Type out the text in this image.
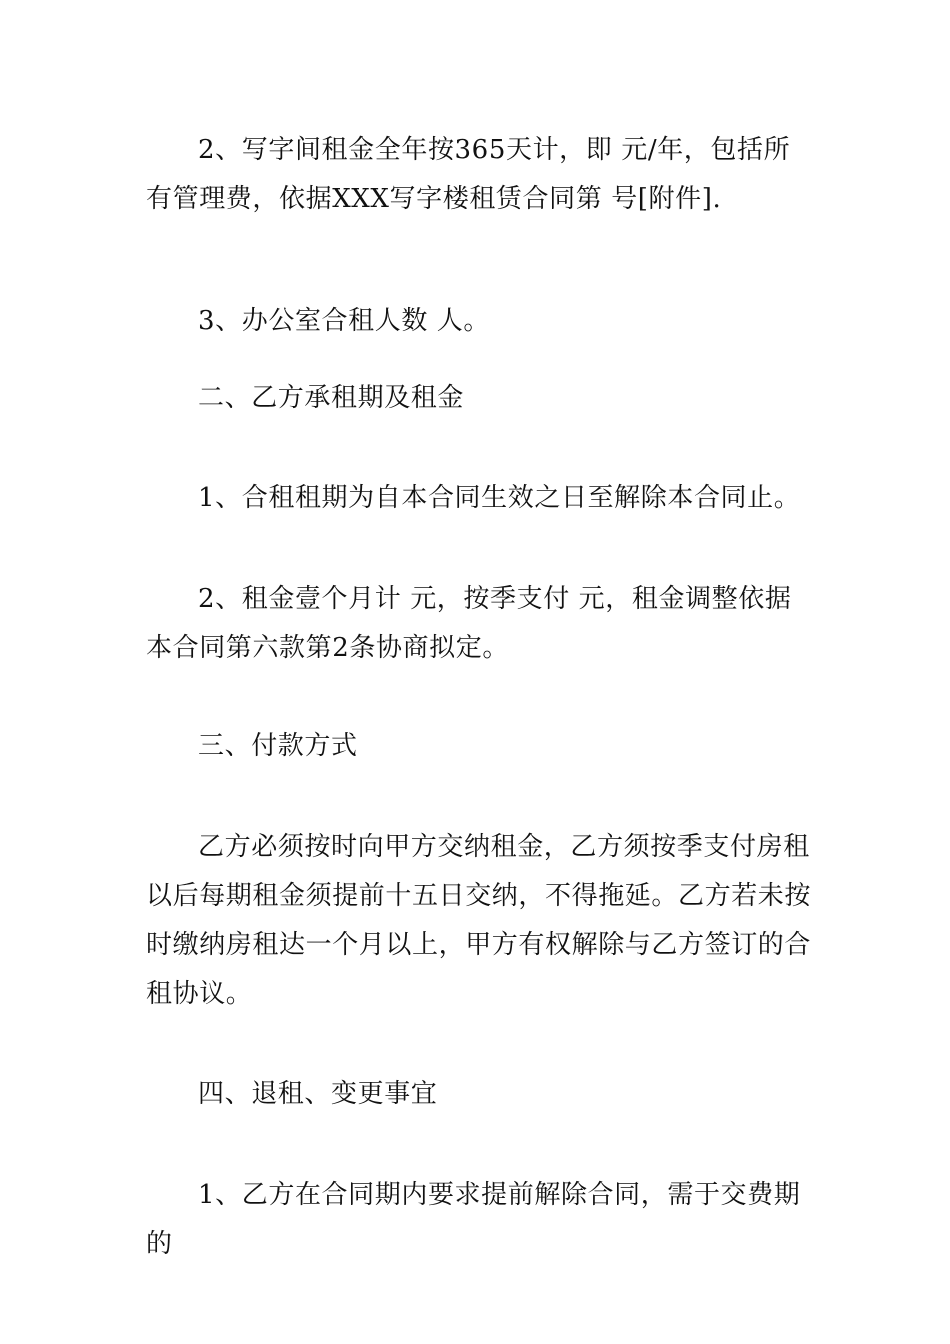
2、写字间租金全年按365天计，即 元/年，包括所有管理费，依据XXX写字楼租赁合同第 号[附件].

3、办公室合租人数 人。

二、乙方承租期及租金

1、合租租期为自本合同生效之日至解除本合同止。

2、租金壹个月计 元，按季支付 元，租金调整依据本合同第六款第2条协商拟定。

三、付款方式

乙方必须按时向甲方交纳租金，乙方须按季支付房租以后每期租金须提前十五日交纳，不得拖延。乙方若未按时缴纳房租达一个月以上，甲方有权解除与乙方签订的合租协议。

四、退租、变更事宜

1、乙方在合同期内要求提前解除合同，需于交费期的
